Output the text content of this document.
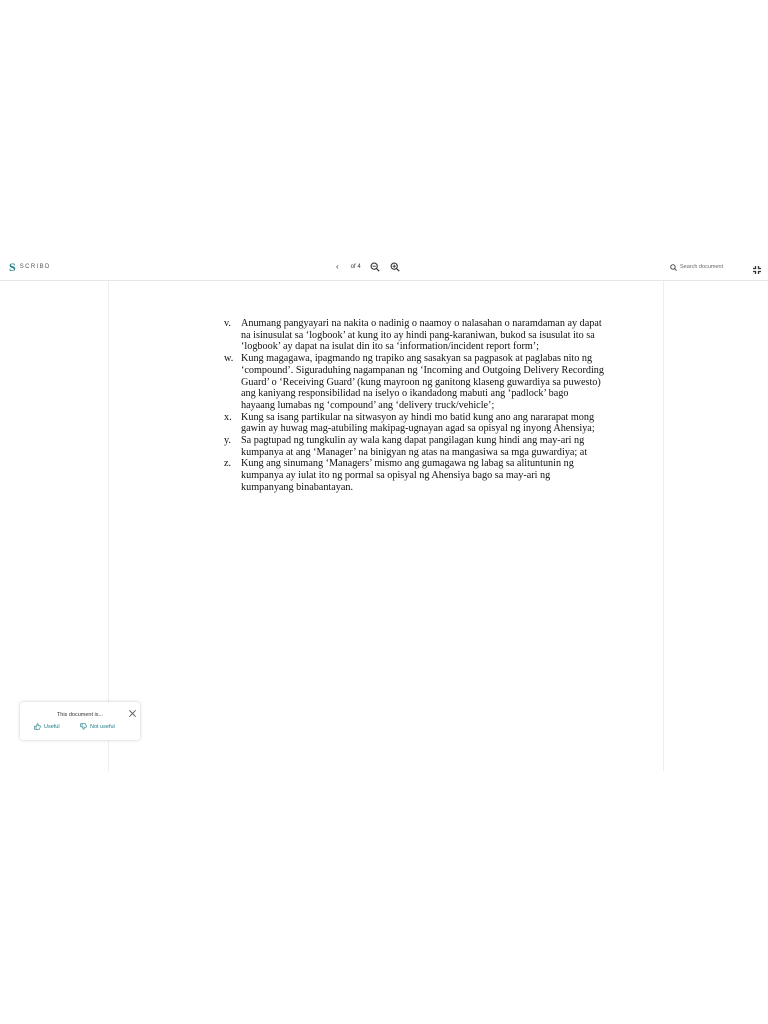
S SCRIBD	‹ of 4
Search document
v. Anumang pangyayari na nakita o nadinig o naamoy o nalasahan o naramdaman ay dapat na isinusulat sa ‘logbook’ at kung ito ay hindi pang-karaniwan, bukod sa isusulat ito sa ‘logbook’ ay dapat na isulat din ito sa ‘information/incident report form’;
w. Kung magagawa, ipagmando ng trapiko ang sasakyan sa pagpasok at paglabas nito ng ‘compound’. Siguraduhing nagampanan ng ‘Incoming and Outgoing Delivery Recording Guard’ o ‘Receiving Guard’ (kung mayroon ng ganitong klaseng guwardiya sa puwesto) ang kaniyang responsibilidad na iselyo o ikandadong mabuti ang ‘padlock’ bago hayaang lumabas ng ‘compound’ ang ‘delivery truck/vehicle’;
x. Kung sa isang partikular na sitwasyon ay hindi mo batid kung ano ang nararapat mong gawin ay huwag mag-atubiling makipag-ugnayan agad sa opisyal ng inyong Ahensiya;
y. Sa pagtupad ng tungkulin ay wala kang dapat pangilagan kung hindi ang may-ari ng kumpanya at ang ‘Manager’ na binigyan ng atas na mangasiwa sa mga guwardiya; at
z. Kung ang sinumang ‘Managers’ mismo ang gumagawa ng labag sa alituntunin ng kumpanya ay iulat ito ng pormal sa opisyal ng Ahensiya bago sa may-ari ng kumpanyang binabantayan.
This document is...
Useful	Not useful
